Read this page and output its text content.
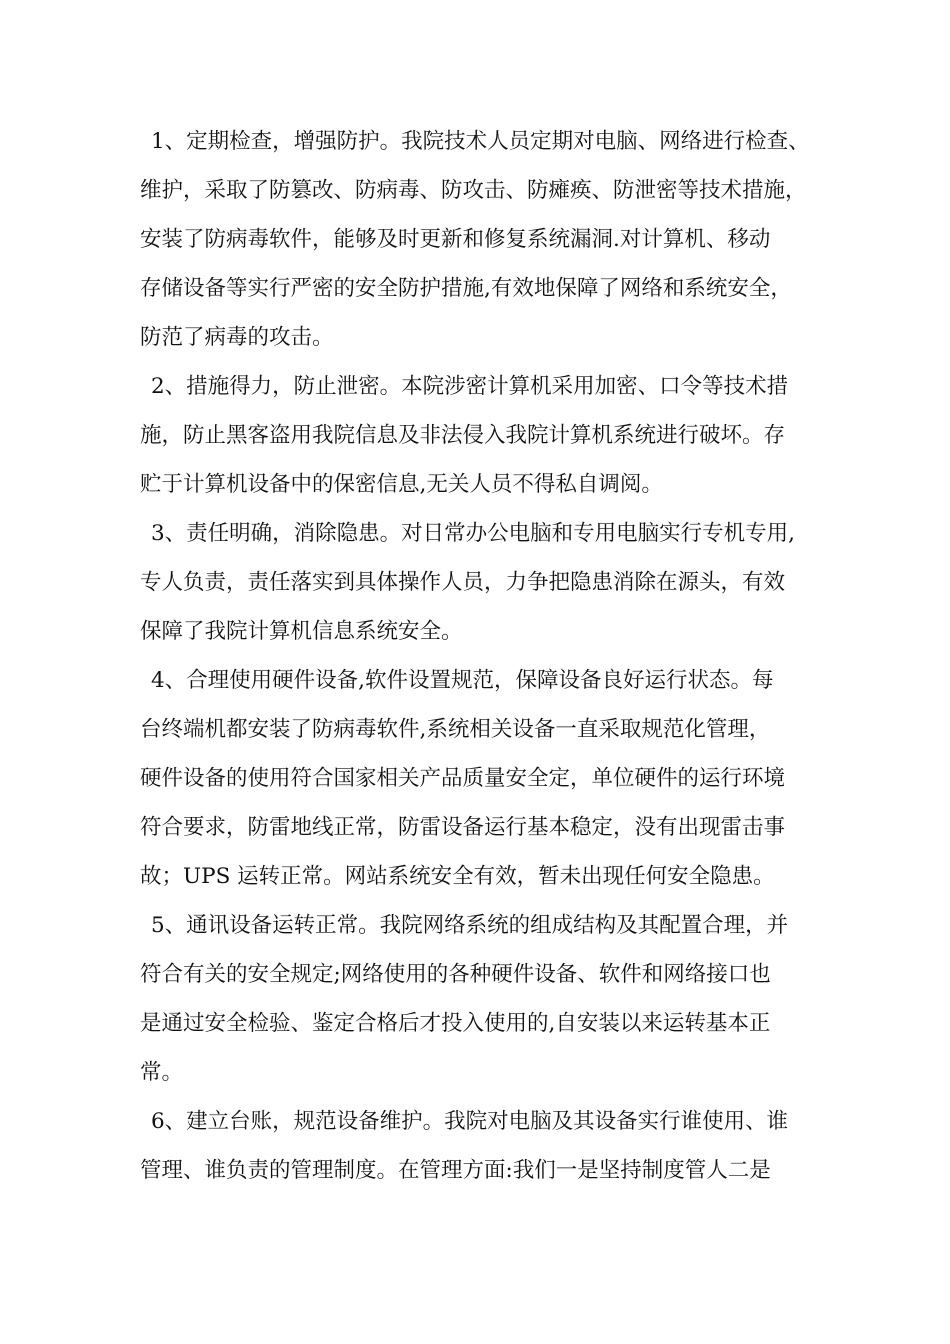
1、定期检查，增强防护。我院技术人员定期对电脑、网络进行检查、
维护，采取了防篡改、防病毒、防攻击、防瘫痪、防泄密等技术措施，
安装了防病毒软件，能够及时更新和修复系统漏洞.对计算机、移动
存储设备等实行严密的安全防护措施,有效地保障了网络和系统安全，
防范了病毒的攻击。
2、措施得力，防止泄密。本院涉密计算机采用加密、口令等技术措
施，防止黑客盗用我院信息及非法侵入我院计算机系统进行破坏。存
贮于计算机设备中的保密信息,无关人员不得私自调阅。
3、责任明确，消除隐患。对日常办公电脑和专用电脑实行专机专用,
专人负责，责任落实到具体操作人员，力争把隐患消除在源头，有效
保障了我院计算机信息系统安全。
4、合理使用硬件设备,软件设置规范，保障设备良好运行状态。每
台终端机都安装了防病毒软件,系统相关设备一直采取规范化管理，
硬件设备的使用符合国家相关产品质量安全定，单位硬件的运行环境
符合要求，防雷地线正常，防雷设备运行基本稳定，没有出现雷击事
故；UPS 运转正常。网站系统安全有效，暂未出现任何安全隐患。
5、通讯设备运转正常。我院网络系统的组成结构及其配置合理，并
符合有关的安全规定;网络使用的各种硬件设备、软件和网络接口也
是通过安全检验、鉴定合格后才投入使用的,自安装以来运转基本正
常。
6、建立台账，规范设备维护。我院对电脑及其设备实行谁使用、谁
管理、谁负责的管理制度。在管理方面:我们一是坚持制度管人二是
